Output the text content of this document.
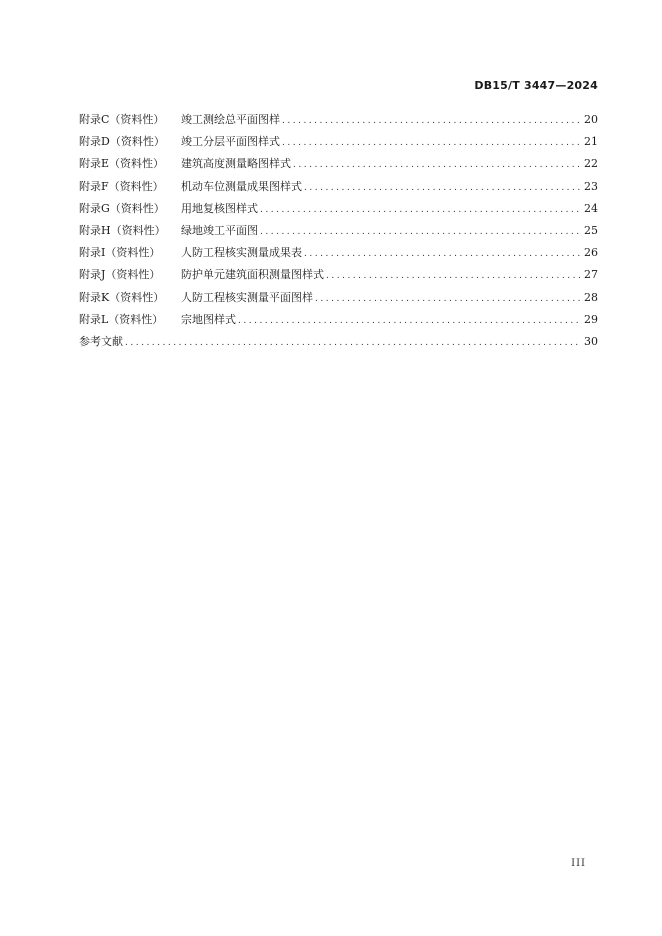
DB15/T 3447—2024
附录C（资料性）	竣工测绘总平面图样 .....	20
附录D（资料性）	竣工分层平面图样式 .....	21
附录E（资料性）	建筑高度测量略图样式 .....	22
附录F（资料性）	机动车位测量成果图样式 .....	23
附录G（资料性）	用地复核图样式 .....	24
附录H（资料性）	绿地竣工平面图 .....	25
附录I（资料性）	人防工程核实测量成果表 .....	26
附录J（资料性）	防护单元建筑面积测量图样式 .....	27
附录K（资料性）	人防工程核实测量平面图样 .....	28
附录L（资料性）	宗地图样式 .....	29
参考文献 .....	30
III
